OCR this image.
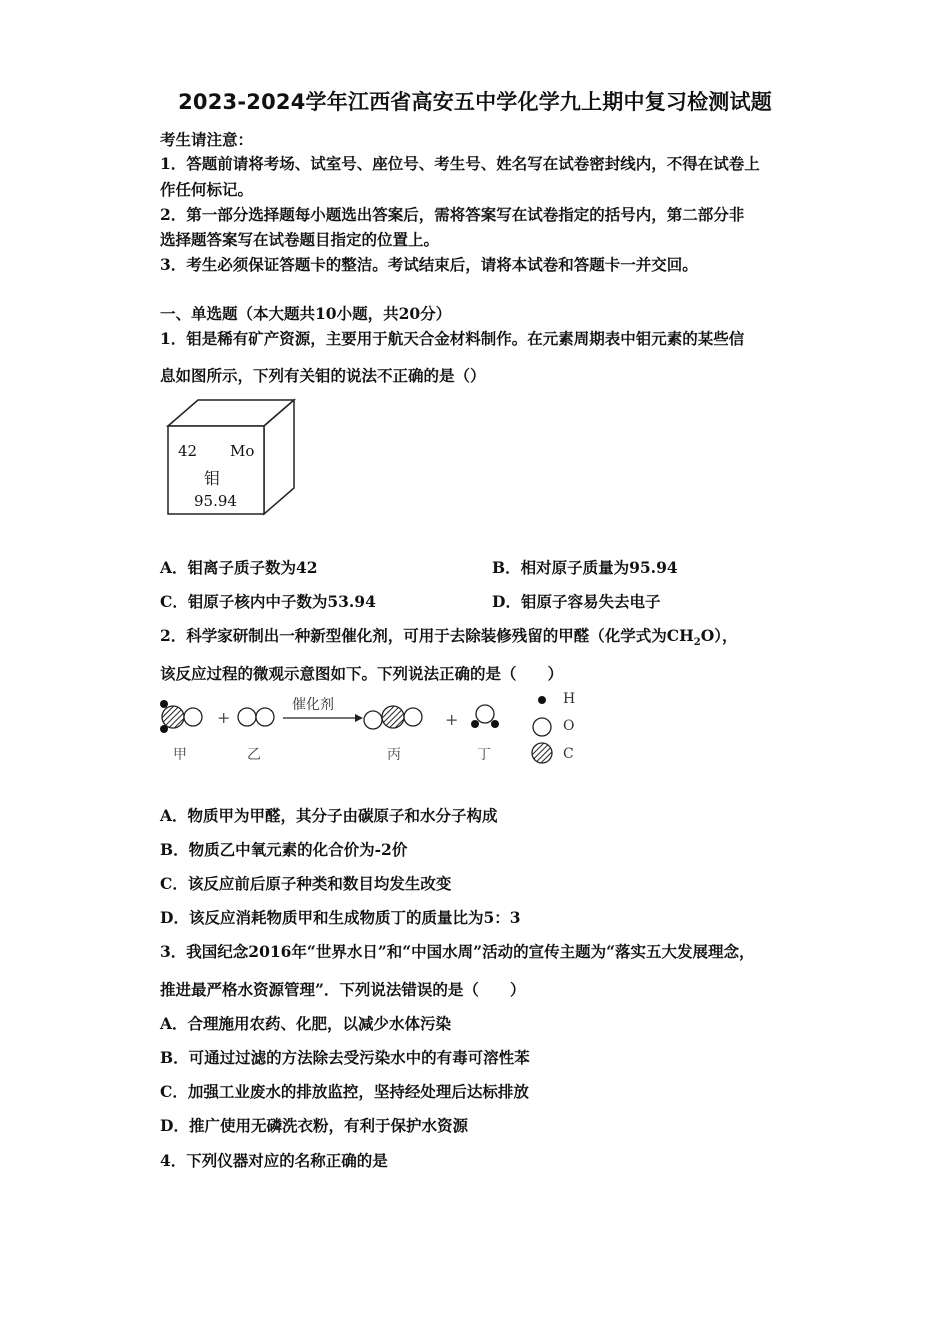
2023-2024学年江西省高安五中学化学九上期中复习检测试题
考生请注意：
1．答题前请将考场、试室号、座位号、考生号、姓名写在试卷密封线内，不得在试卷上
作任何标记。
2．第一部分选择题每小题选出答案后，需将答案写在试卷指定的括号内，第二部分非
选择题答案写在试卷题目指定的位置上。
3．考生必须保证答题卡的整洁。考试结束后，请将本试卷和答题卡一并交回。
一、单选题（本大题共10小题，共20分）
1．钼是稀有矿产资源，主要用于航天合金材料制作。在元素周期表中钼元素的某些信
息如图所示，下列有关钼的说法不正确的是（）
42 Mo
钼
95.94
A．钼离子质子数为42	B．相对原子质量为95.94
C．钼原子核内中子数为53.94	D．钼原子容易失去电子
2．科学家研制出一种新型催化剂，可用于去除装修残留的甲醛（化学式为$CH_2O$），
该反应过程的微观示意图如下。下列说法正确的是（　　）
+	+
催化剂
甲	乙	丙	丁
H
O
C
A．物质甲为甲醛，其分子由碳原子和水分子构成
B．物质乙中氧元素的化合价为-2价
C．该反应前后原子种类和数目均发生改变
D．该反应消耗物质甲和生成物质丁的质量比为5：3
3．我国纪念2016年“世界水日”和“中国水周”活动的宣传主题为“落实五大发展理念，
推进最严格水资源管理”．下列说法错误的是（　　）
A．合理施用农药、化肥，以减少水体污染
B．可通过过滤的方法除去受污染水中的有毒可溶性苯
C．加强工业废水的排放监控，坚持经处理后达标排放
D．推广使用无磷洗衣粉，有利于保护水资源
4．下列仪器对应的名称正确的是
